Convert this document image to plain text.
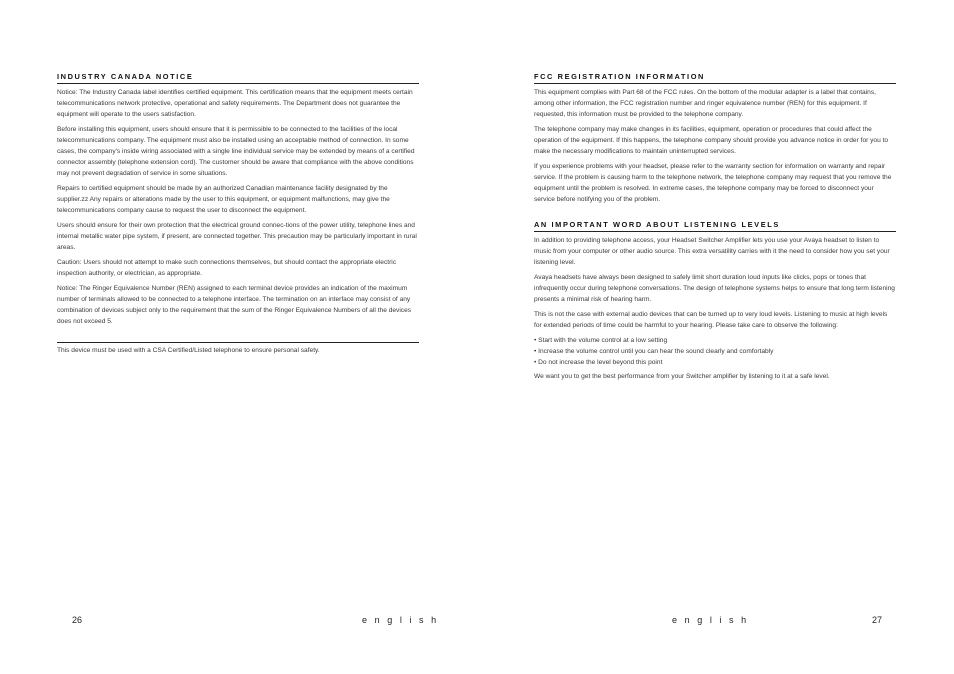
INDUSTRY CANADA NOTICE

Notice: The Industry Canada label identifies certified equipment. This certification means that the equipment meets certain telecommunications network protective, operational and safety requirements. The Department does not guarantee the equipment will operate to the users satisfaction.

Before installing this equipment, users should ensure that it is permissible to be connected to the facilities of the local telecommunications company. The equipment must also be installed using an acceptable method of connection. In some cases, the company's inside wiring associated with a single line individual service may be extended by means of a certified connector assembly (telephone extension cord). The customer should be aware that compliance with the above conditions may not prevent degradation of service in some situations.

Repairs to certified equipment should be made by an authorized Canadian maintenance facility designated by the supplier.zz Any repairs or alterations made by the user to this equipment, or equipment malfunctions, may give the telecommunications company cause to request the user to disconnect the equipment.

Users should ensure for their own protection that the electrical ground connec-tions of the power utility, telephone lines and internal metallic water pipe system, if present, are connected together. This precaution may be particularly important in rural areas.

Caution: Users should not attempt to make such connections themselves, but should contact the appropriate electric inspection authority, or electrician, as appropriate.

Notice: The Ringer Equivalence Number (REN) assigned to each terminal device provides an indication of the maximum number of terminals allowed to be connected to a telephone interface. The termination on an interface may consist of any combination of devices subject only to the requirement that the sum of the Ringer Equivalence Numbers of all the devices does not exceed 5.

This device must be used with a CSA Certified/Listed telephone to ensure personal safety.

26	english
FCC REGISTRATION INFORMATION

This equipment complies with Part 68 of the FCC rules. On the bottom of the modular adapter is a label that contains, among other information, the FCC registration number and ringer equivalence number (REN) for this equipment. If requested, this information must be provided to the telephone company.

The telephone company may make changes in its facilities, equipment, operation or procedures that could affect the operation of the equipment. If this happens, the telephone company should provide you advance notice in order for you to make the necessary modifications to maintain uninterrupted services.

If you experience problems with your headset, please refer to the warranty section for information on warranty and repair service. If the problem is causing harm to the telephone network, the telephone company may request that you remove the equipment until the problem is resolved. In extreme cases, the telephone company may be forced to disconnect your service before notifying you of the problem.

AN IMPORTANT WORD ABOUT LISTENING LEVELS

In addition to providing telephone access, your Headset Switcher Amplifier lets you use your Avaya headset to listen to music from your computer or other audio source. This extra versatility carries with it the need to consider how you set your listening level.

Avaya headsets have always been designed to safely limit short duration loud inputs like clicks, pops or tones that infrequently occur during telephone conversations. The design of telephone systems helps to ensure that long term listening presents a minimal risk of hearing harm.

This is not the case with external audio devices that can be turned up to very loud levels. Listening to music at high levels for extended periods of time could be harmful to your hearing. Please take care to observe the following:

• Start with the volume control at a low setting
• Increase the volume control until you can hear the sound clearly and comfortably
• Do not increase the level beyond this point

We want you to get the best performance from your Switcher amplifier by listening to it at a safe level.

english	27
